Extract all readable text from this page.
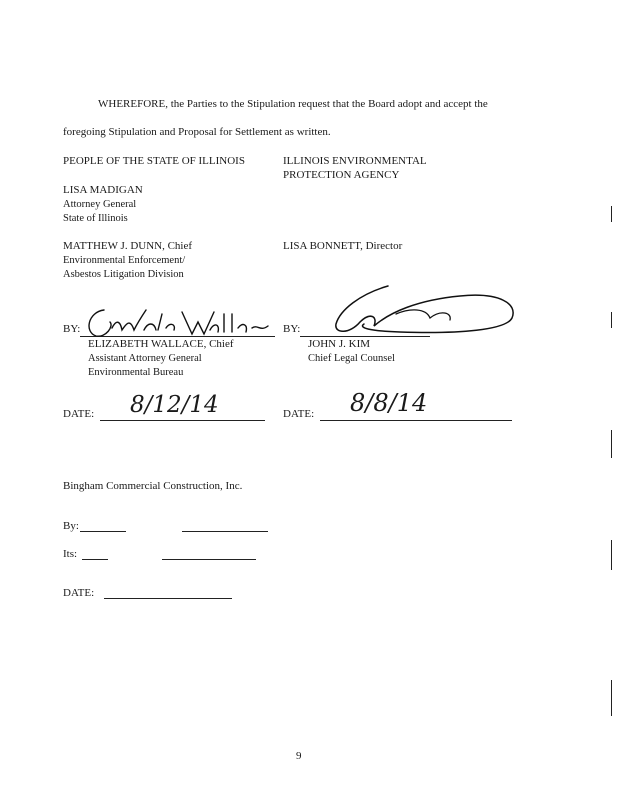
WHEREFORE, the Parties to the Stipulation request that the Board adopt and accept the
foregoing Stipulation and Proposal for Settlement as written.
PEOPLE OF THE STATE OF ILLINOIS
LISA MADIGAN
Attorney General
State of Illinois
MATTHEW J. DUNN, Chief
Environmental Enforcement/
Asbestos Litigation Division
ILLINOIS ENVIRONMENTAL
PROTECTION AGENCY
LISA BONNETT, Director
BY:
ELIZABETH WALLACE, Chief
Assistant Attorney General
Environmental Bureau
BY:
JOHN J. KIM
Chief Legal Counsel
DATE: 8/12/14	DATE: 8/8/14
Bingham Commercial Construction, Inc.
By:
Its:
DATE:
9
